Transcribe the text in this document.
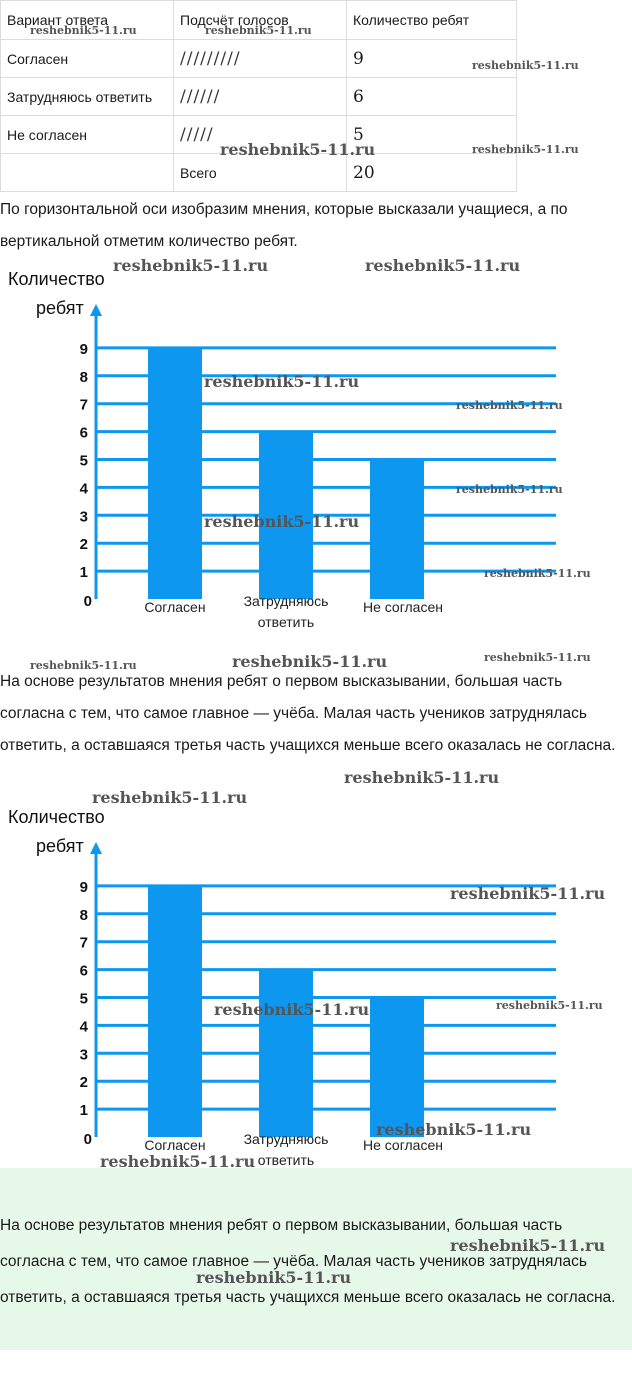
Вариант ответа	Подсчёт голосов	Количество ребят
Согласен	/////////	9
Затрудняюсь ответить	//////	6
Не согласен	/////	5
	Всего	20
По горизонтальной оси изобразим мнения, которые высказали учащиеся, а по вертикальной отметим количество ребят.
Количество
ребят
0
1
2
3
4
5
6
7
8
9
Согласен	Затрудняюсь
ответить
Не согласен
На основе результатов мнения ребят о первом высказывании, большая часть согласна с тем, что самое главное — учёба. Малая часть учеников затруднялась ответить, а оставшаяся третья часть учащихся меньше всего оказалась не согласна.
Количество
ребят
0
1
2
3
4
5
6
7
8
9
Согласен	Затрудняюсь
ответить
Не согласен
На основе результатов мнения ребят о первом высказывании, большая часть согласна с тем, что самое главное — учёба. Малая часть учеников затруднялась ответить, а оставшаяся третья часть учащихся меньше всего оказалась не согласна.
reshebnik5-11.ru	reshebnik5-11.ru
reshebnik5-11.ru
reshebnik5-11.ru	reshebnik5-11.ru
reshebnik5-11.ru	reshebnik5-11.ru
reshebnik5-11.ru
reshebnik5-11.ru
reshebnik5-11.ru
reshebnik5-11.ru
reshebnik5-11.ru
reshebnik5-11.ru	reshebnik5-11.ru	reshebnik5-11.ru
reshebnik5-11.ru
reshebnik5-11.ru
reshebnik5-11.ru
reshebnik5-11.ru	reshebnik5-11.ru
reshebnik5-11.ru
reshebnik5-11.ru
reshebnik5-11.ru
reshebnik5-11.ru
